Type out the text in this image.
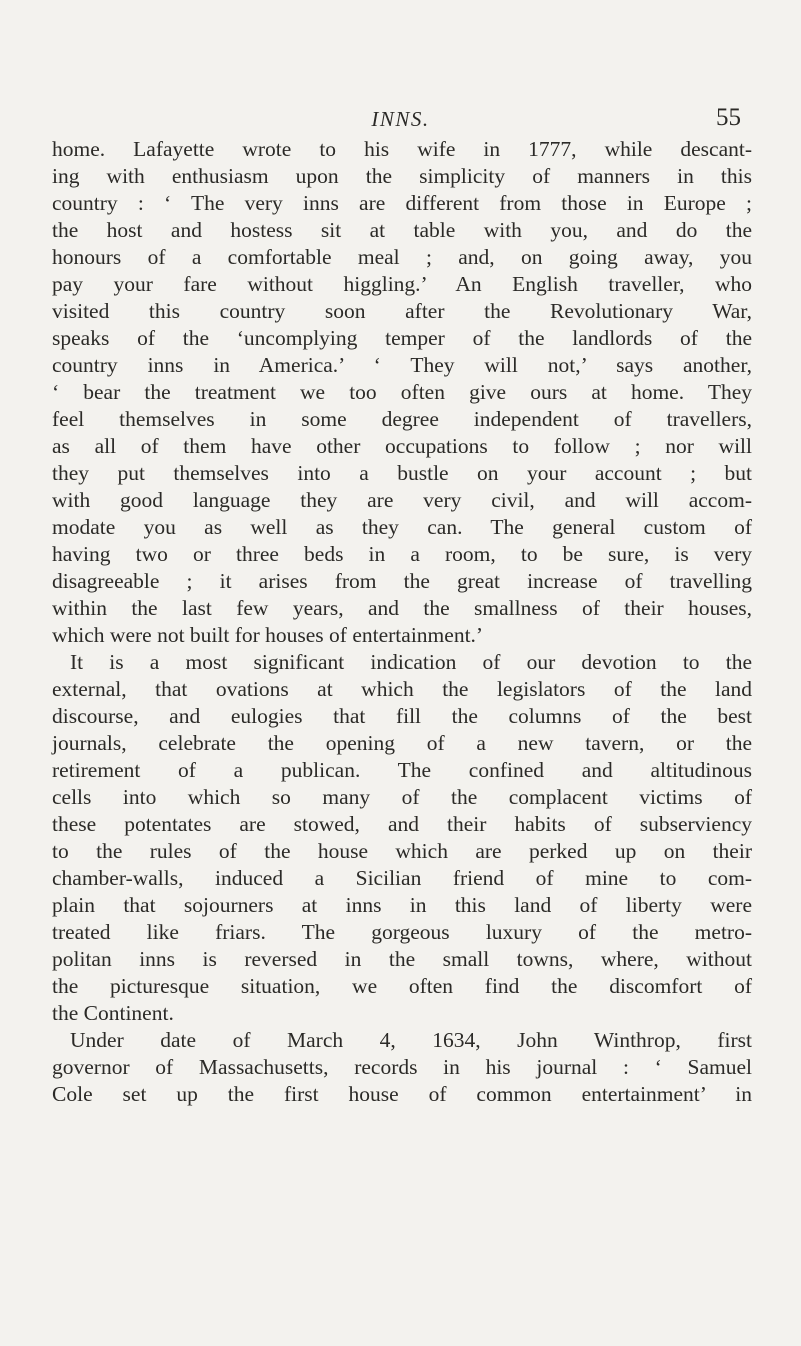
INNS.	55
home. Lafayette wrote to his wife in 1777, while descant-
ing with enthusiasm upon the simplicity of manners in this
country : ‘ The very inns are different from those in Europe ;
the host and hostess sit at table with you, and do the
honours of a comfortable meal ; and, on going away, you
pay your fare without higgling.’ An English traveller, who
visited this country soon after the Revolutionary War,
speaks of the ‘uncomplying temper of the landlords of the
country inns in America.’ ‘ They will not,’ says another,
‘ bear the treatment we too often give ours at home. They
feel themselves in some degree independent of travellers,
as all of them have other occupations to follow ; nor will
they put themselves into a bustle on your account ; but
with good language they are very civil, and will accom-
modate you as well as they can. The general custom of
having two or three beds in a room, to be sure, is very
disagreeable ; it arises from the great increase of travelling
within the last few years, and the smallness of their houses,
which were not built for houses of entertainment.’
It is a most significant indication of our devotion to the
external, that ovations at which the legislators of the land
discourse, and eulogies that fill the columns of the best
journals, celebrate the opening of a new tavern, or the
retirement of a publican. The confined and altitudinous
cells into which so many of the complacent victims of
these potentates are stowed, and their habits of subserviency
to the rules of the house which are perked up on their
chamber-walls, induced a Sicilian friend of mine to com-
plain that sojourners at inns in this land of liberty were
treated like friars. The gorgeous luxury of the metro-
politan inns is reversed in the small towns, where, without
the picturesque situation, we often find the discomfort of
the Continent.
Under date of March 4, 1634, John Winthrop, first
governor of Massachusetts, records in his journal : ‘ Samuel
Cole set up the first house of common entertainment’ in
